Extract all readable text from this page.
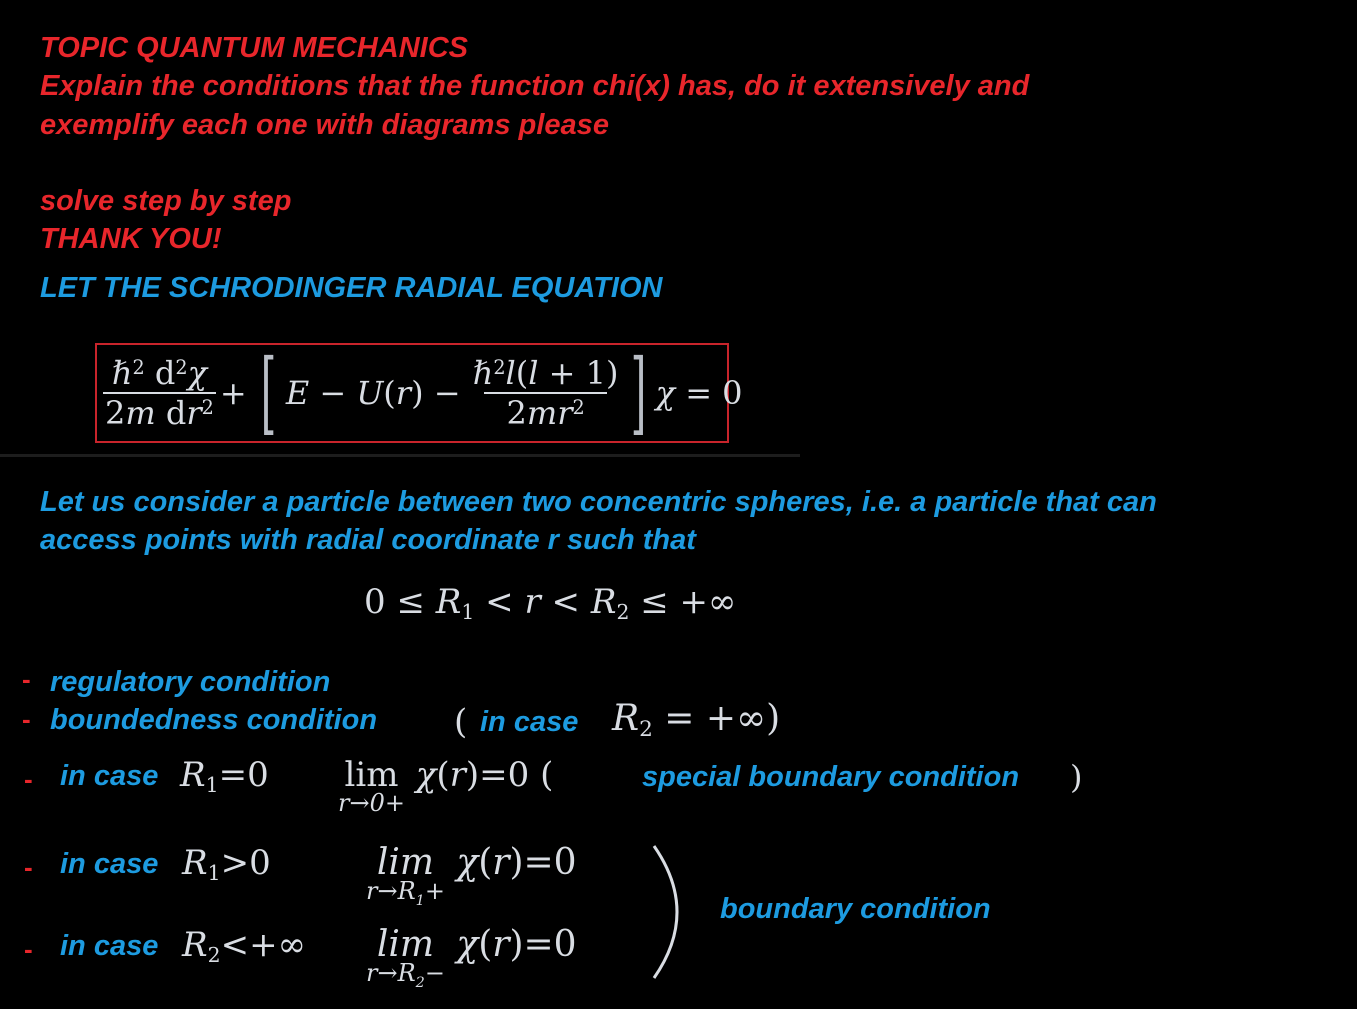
TOPIC QUANTUM MECHANICS
Explain the conditions that the function chi(x) has, do it extensively and
exemplify each one with diagrams please
solve step by step
THANK YOU!
LET THE SCHRODINGER RADIAL EQUATION
$\frac{\hbar^2 d^2\chi}{2m dr^2}$ + [ E − U ( r ) − $\frac{\hbar^2l(l + 1)}{2mr^2}$ ] χ = 0
Let us consider a particle between two concentric spheres, i.e. a particle that can
access points with radial coordinate r such that
$0 \le R_1 < r < R_2$ ≤ +∞
- regulatory condition
- boundedness condition ( in case $R_2$ = +∞)
- in case $R_1=0$ lim
r→0+
χ(r)=0 (	special boundary condition )
- in case $R_1>0$	lim
$r\to R_1+$
χ(r)=0
- in case $R_2<+\infty$ lim
$r\to R_2-$
χ(r)=0
boundary condition
